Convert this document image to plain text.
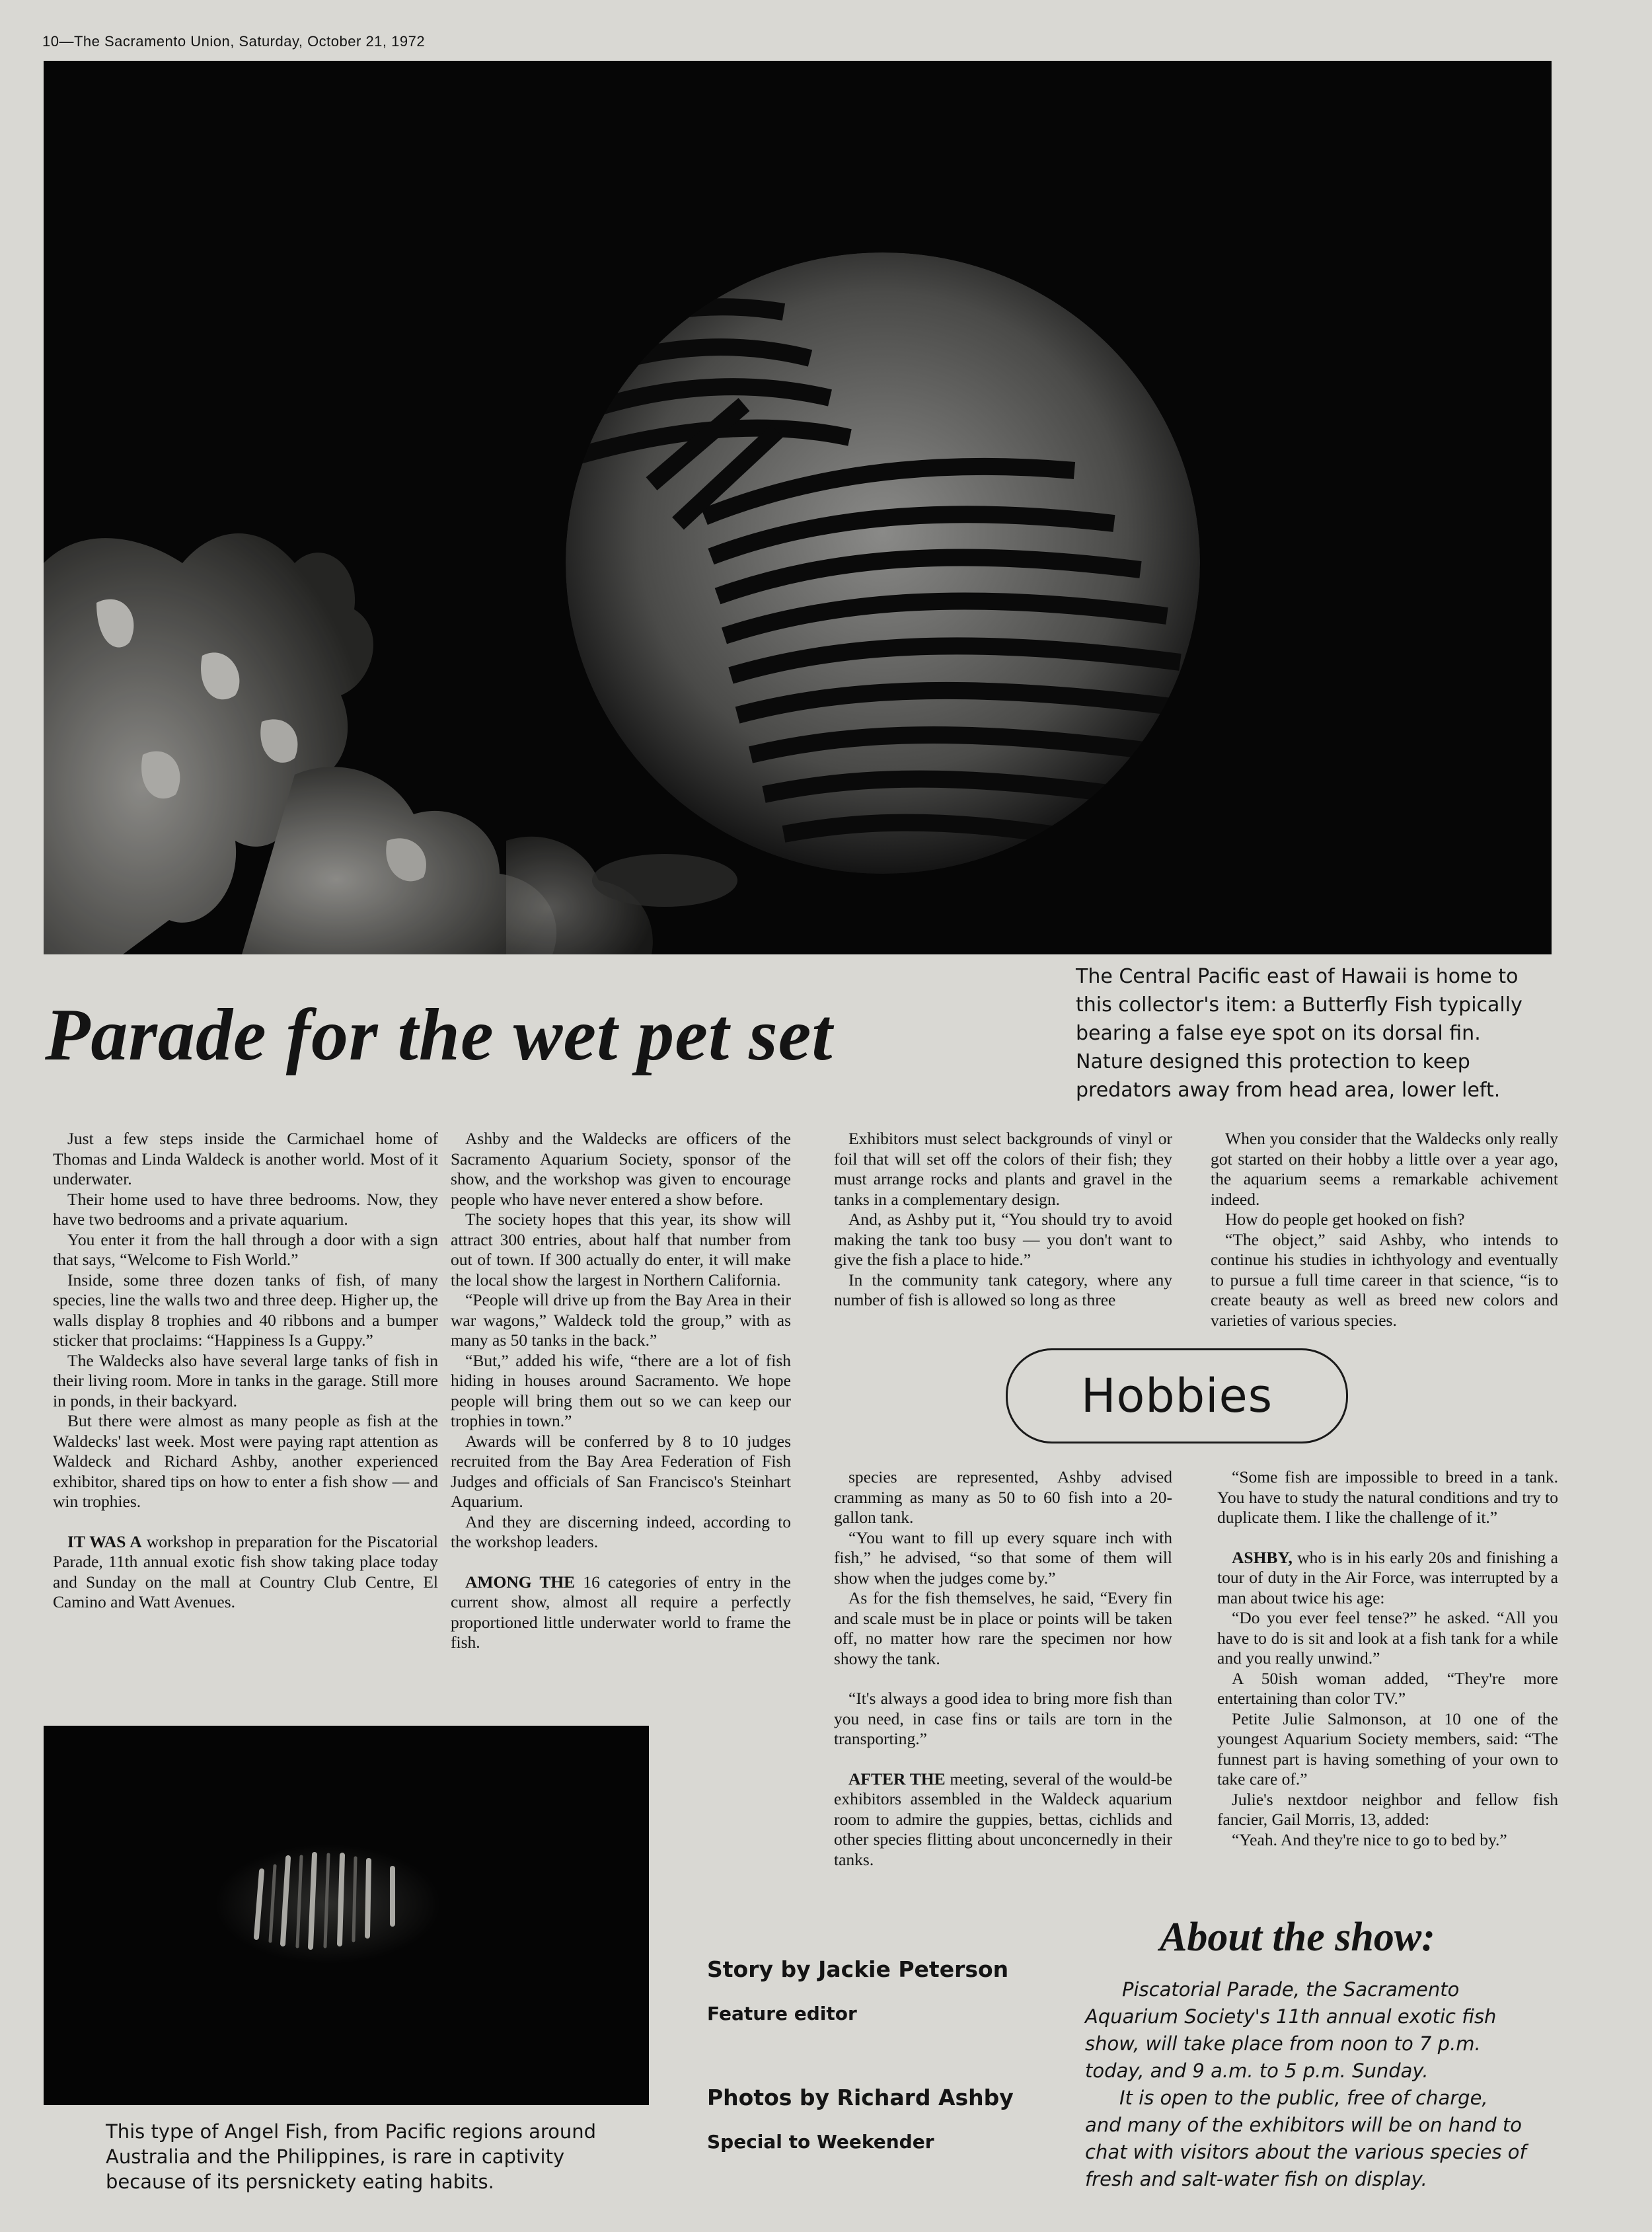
10—The Sacramento Union, Saturday, October 21, 1972
Parade for the wet pet set
The Central Pacific east of Hawaii is home to this collector's item: a Butterfly Fish typically bearing a false eye spot on its dorsal fin. Nature designed this protection to keep predators away from head area, lower left.

Just a few steps inside the Carmichael home of Thomas and Linda Waldeck is another world. Most of it underwater.

Their home used to have three bedrooms. Now, they have two bedrooms and a private aquarium.

You enter it from the hall through a door with a sign that says, “Welcome to Fish World.”

Inside, some three dozen tanks of fish, of many species, line the walls two and three deep. Higher up, the walls display 8 trophies and 40 ribbons and a bumper sticker that proclaims: “Happiness Is a Guppy.”

The Waldecks also have several large tanks of fish in their living room. More in tanks in the garage. Still more in ponds, in their backyard.

But there were almost as many people as fish at the Waldecks' last week. Most were paying rapt attention as Waldeck and Richard Ashby, another experienced exhibitor, shared tips on how to enter a fish show — and win trophies.

IT WAS A workshop in preparation for the Piscatorial Parade, 11th annual exotic fish show taking place today and Sunday on the mall at Country Club Centre, El Camino and Watt Avenues.

Ashby and the Waldecks are officers of the Sacramento Aquarium Society, sponsor of the show, and the workshop was given to encourage people who have never entered a show before.

The society hopes that this year, its show will attract 300 entries, about half that number from out of town. If 300 actually do enter, it will make the local show the largest in Northern California.

“People will drive up from the Bay Area in their war wagons,” Waldeck told the group,” with as many as 50 tanks in the back.”

“But,” added his wife, “there are a lot of fish hiding in houses around Sacramento. We hope people will bring them out so we can keep our trophies in town.”

Awards will be conferred by 8 to 10 judges recruited from the Bay Area Federation of Fish Judges and officials of San Francisco's Steinhart Aquarium.

And they are discerning indeed, according to the workshop leaders.

AMONG THE 16 categories of entry in the current show, almost all require a perfectly proportioned little underwater world to frame the fish.

Exhibitors must select backgrounds of vinyl or foil that will set off the colors of their fish; they must arrange rocks and plants and gravel in the tanks in a complementary design.

And, as Ashby put it, “You should try to avoid making the tank too busy — you don't want to give the fish a place to hide.”

In the community tank category, where any number of fish is allowed so long as three

When you consider that the Waldecks only really got started on their hobby a little over a year ago, the aquarium seems a remarkable achivement indeed.

How do people get hooked on fish?

“The object,” said Ashby, who intends to continue his studies in ichthyology and eventually to pursue a full time career in that science, “is to create beauty as well as breed new colors and varieties of various species.

Hobbies

species are represented, Ashby advised cramming as many as 50 to 60 fish into a 20-gallon tank.

“You want to fill up every square inch with fish,” he advised, “so that some of them will show when the judges come by.”

As for the fish themselves, he said, “Every fin and scale must be in place or points will be taken off, no matter how rare the specimen nor how showy the tank.

“It's always a good idea to bring more fish than you need, in case fins or tails are torn in the transporting.”

AFTER THE meeting, several of the would-be exhibitors assembled in the Waldeck aquarium room to admire the guppies, bettas, cichlids and other species flitting about unconcernedly in their tanks.

“Some fish are impossible to breed in a tank. You have to study the natural conditions and try to duplicate them. I like the challenge of it.”

ASHBY, who is in his early 20s and finishing a tour of duty in the Air Force, was interrupted by a man about twice his age:

“Do you ever feel tense?” he asked. “All you have to do is sit and look at a fish tank for a while and you really unwind.”

A 50ish woman added, “They're more entertaining than color TV.”

Petite Julie Salmonson, at 10 one of the youngest Aquarium Society members, said: “The funnest part is having something of your own to take care of.”

Julie's nextdoor neighbor and fellow fish fancier, Gail Morris, 13, added:

“Yeah. And they're nice to go to bed by.”

This type of Angel Fish, from Pacific regions around Australia and the Philippines, is rare in captivity because of its persnickety eating habits.
Story by Jackie Peterson
Feature editor
Photos by Richard Ashby
Special to Weekender
About the show:

Piscatorial Parade, the Sacramento Aquarium Society's 11th annual exotic fish show, will take place from noon to 7 p.m. today, and 9 a.m. to 5 p.m. Sunday.

It is open to the public, free of charge, and many of the exhibitors will be on hand to chat with visitors about the various species of fresh and salt-water fish on display.
